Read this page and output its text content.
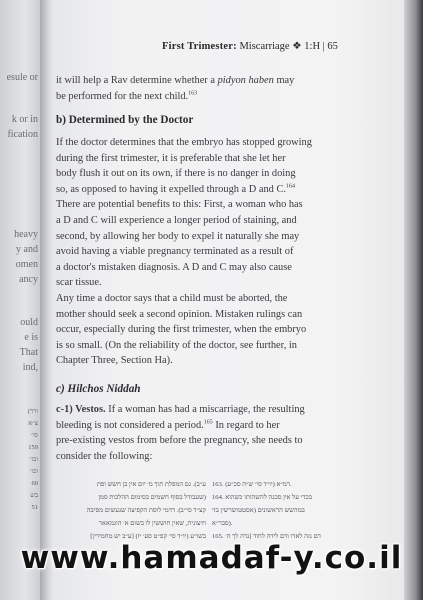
esule or
k or in
fication
heavy
y and
omen
ancy
ould
e is
That
ind,
(ורר
צ״א
סי׳
159
וכו׳
וכו׳
60
בש
51
First Trimester: Miscarriage ❖ 1:H | 65

it will help a Rav determine whether a pidyon haben may

be performed for the next child.$^{163}$

b) Determined by the Doctor

If the doctor determines that the embryo has stopped growing

during the first trimester, it is preferable that she let her

body flush it out on its own, if there is no danger in doing

so, as opposed to having it expelled through a D and C.$^{164}$

There are potential benefits to this: First, a woman who has

a D and C will experience a longer period of staining, and

second, by allowing her body to expel it naturally she may

avoid having a viable pregnancy terminated as a result of

a doctor's mistaken diagnosis. A D and C may also cause

scar tissue.

Any time a doctor says that a child must be aborted, the

mother should seek a second opinion. Mistaken rulings can

occur, especially during the first trimester, when the embryo

is so small. (On the reliability of the doctor, see further, in

Chapter Three, Section Ha).

c) Hilchos Niddah

c-1) Vestos. If a woman has had a miscarriage, the resulting

bleeding is not considered a period.$^{165}$ In regard to her

pre-existing vestos from before the pregnancy, she needs to

consider the following:

ע״ב). גם המפלת תוך מ׳ יום אין בן חשש ופת
(שעבודל בסוף חשמים בסימום ההלכות סמן
קצ״ד סי״ב). דדמי לוסת הקפיצה שנעשים מסיבה
חיצונית, שאין חוששין לו בשום א׳ הוגמאאר
בשו״ע (יו״ד סי׳ קפ״ט סע׳ יז) [ע״ב יש מחמירין]
163. רמ״א (יו״ד סי׳ ש״ה סכ״ע).
164. בכדי על אין סכנה להשהותו כשהוא
במהשש הראשונים (אסטטושרשין בזי
סבר״א).
165. דם נזה לאדו ודם לידה לחוד [נדה לך ה׳
www.hamadaf-y.co.il
